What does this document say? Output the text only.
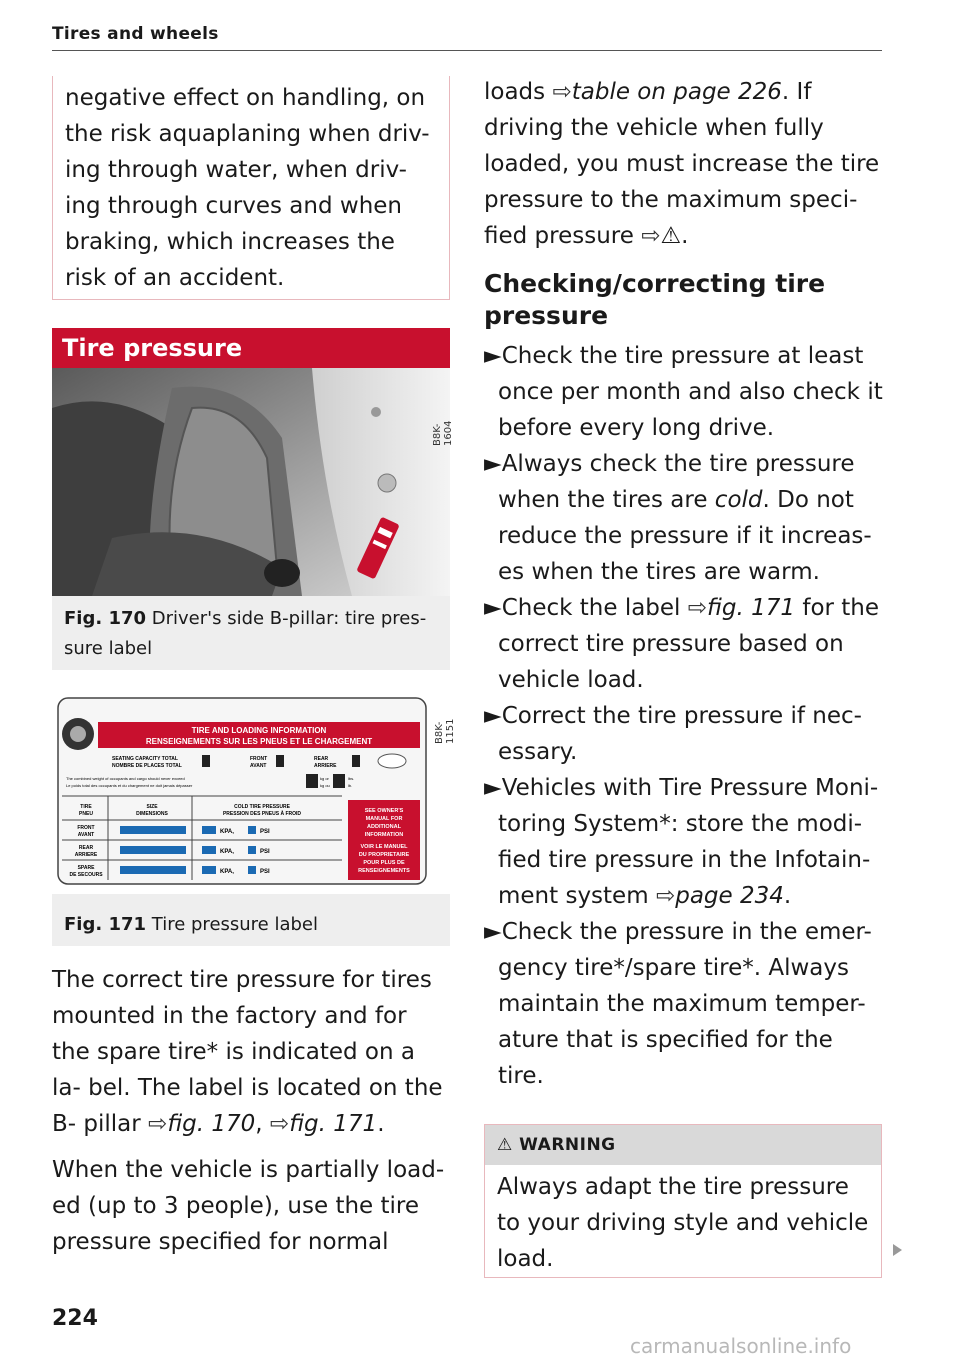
Tires and wheels
negative effect on handling, on
the risk aquaplaning when driv-
ing through water, when driv-
ing through curves and when
braking, which increases the
risk of an accident.
Tire pressure
B8K-1604
Fig. 170 Driver's side B-pillar: tire pres-
sure label
TIRE AND LOADING INFORMATION
RENSEIGNEMENTS SUR LES PNEUS ET LE CHARGEMENT
SEATING CAPACITY TOTAL
NOMBRE DE PLACES TOTAL
FRONT
AVANT
REAR
ARRIERE
The combined weight of occupants and cargo should never exceed
Le poids total des occupants et du chargement ne doit jamais dépasser
kg or
kg ou
lbs.
lb.
TIRE
PNEU
SIZE
DIMENSIONS
COLD TIRE PRESSURE
PRESSION DES PNEUS À FROID
FRONT
AVANT	KPA,	PSI
REAR
ARRIERE	KPA,	PSI
SPARE
DE SECOURS	KPA,	PSI
SEE OWNER'S
MANUAL FOR
ADDITIONAL
INFORMATION
VOIR LE MANUEL
DU PROPRIETAIRE
POUR PLUS DE
RENSEIGNEMENTS
B8K-1151
Fig. 171 Tire pressure label

The correct tire pressure for tires mounted in the factory and for the spare tire* is indicated on a la- bel. The label is located on the B- pillar ⇨fig. 170, ⇨fig. 171.

When the vehicle is partially load- ed (up to 3 people), use the tire pressure specified for normal

224

loads ⇨table on page 226. If driving the vehicle when fully loaded, you must increase the tire pressure to the maximum speci- fied pressure ⇨⚠.

Checking/correcting tire pressure

►Check the tire pressure at least once per month and also check it before every long drive.

►Always check the tire pressure when the tires are cold. Do not reduce the pressure if it increas- es when the tires are warm.

►Check the label ⇨fig. 171 for the correct tire pressure based on vehicle load.

►Correct the tire pressure if nec- essary.

►Vehicles with Tire Pressure Moni- toring System*: store the modi- fied tire pressure in the Infotain- ment system ⇨page 234.

►Check the pressure in the emer- gency tire*/spare tire*. Always maintain the maximum temper- ature that is specified for the tire.

⚠ WARNING
Always adapt the tire pressure to your driving style and vehicle load.
carmanualsonline.info
